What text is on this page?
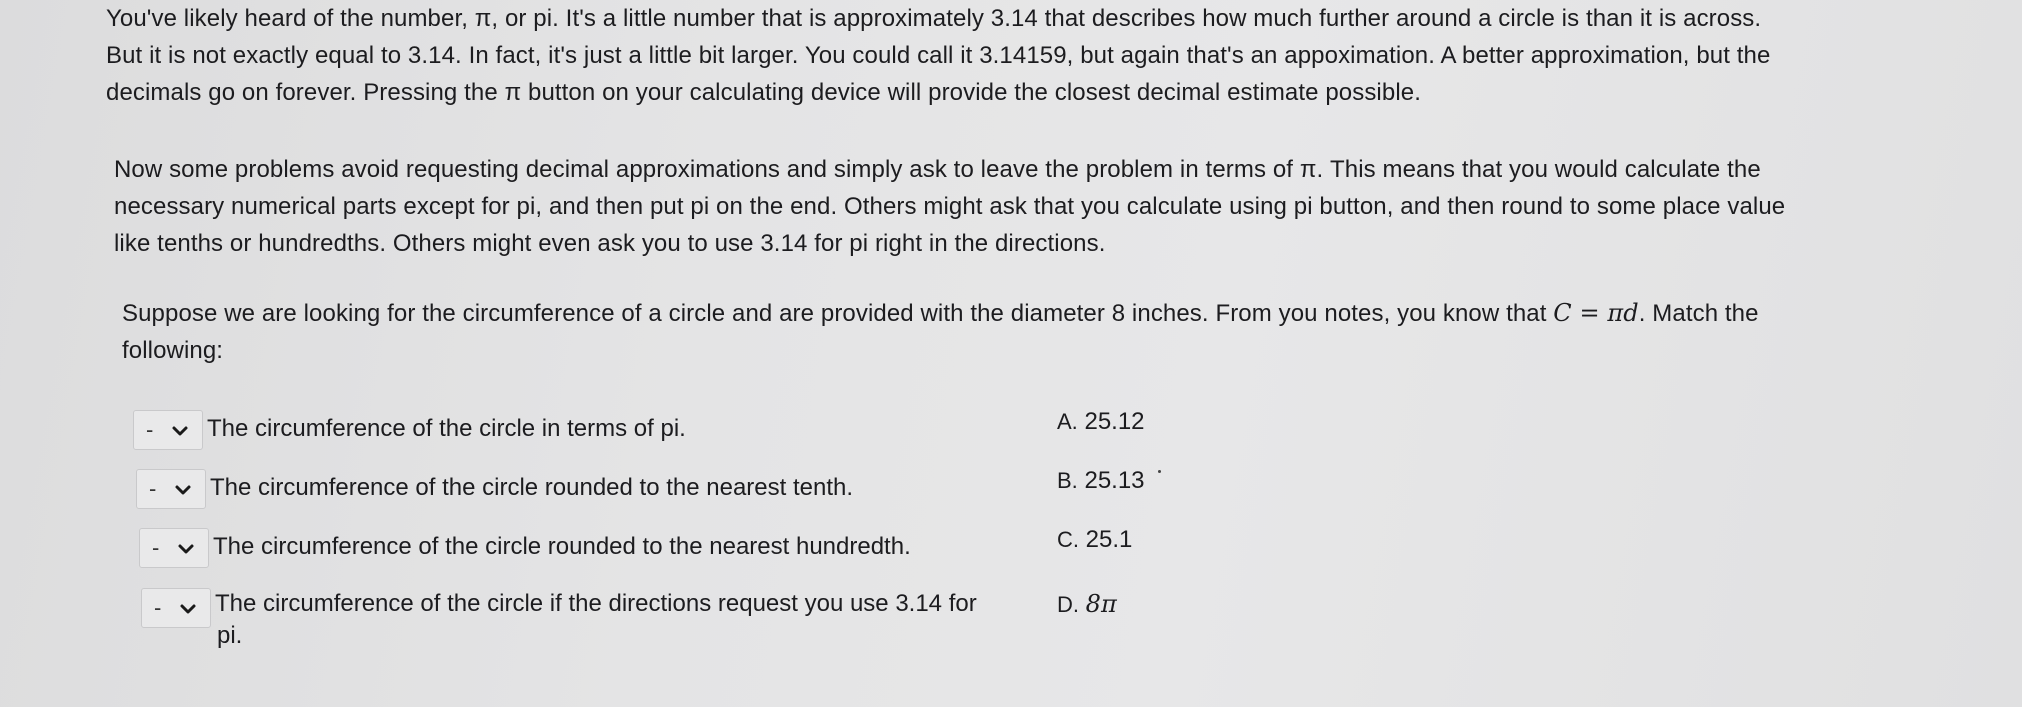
You've likely heard of the number, π, or pi. It's a little number that is approximately 3.14 that describes how much further around a circle is than it is across.
But it is not exactly equal to 3.14. In fact, it's just a little bit larger. You could call it 3.14159, but again that's an appoximation. A better approximation, but the
decimals go on forever. Pressing the π button on your calculating device will provide the closest decimal estimate possible.
Now some problems avoid requesting decimal approximations and simply ask to leave the problem in terms of π. This means that you would calculate the
necessary numerical parts except for pi, and then put pi on the end. Others might ask that you calculate using pi button, and then round to some place value
like tenths or hundredths. Others might even ask you to use 3.14 for pi right in the directions.
Suppose we are looking for the circumference of a circle and are provided with the diameter 8 inches. From you notes, you know that C = πd. Match the
following:
- The circumference of the circle in terms of pi.
- The circumference of the circle rounded to the nearest tenth.
- The circumference of the circle rounded to the nearest hundredth.
- The circumference of the circle if the directions request you use 3.14 for
pi.
A. 25.12
B. 25.13
C. 25.1
D. 8π
